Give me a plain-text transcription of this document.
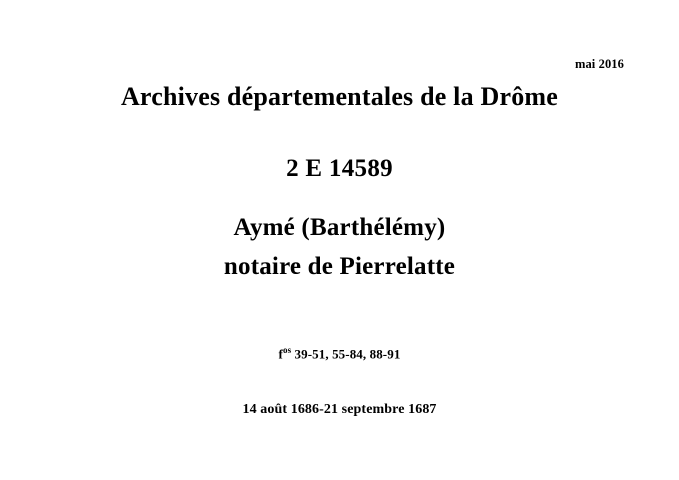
mai 2016
Archives départementales de la Drôme
2 E 14589
Aymé (Barthélémy)
notaire de Pierrelatte
$f^{os}$ 39-51, 55-84, 88-91
14 août 1686-21 septembre 1687
